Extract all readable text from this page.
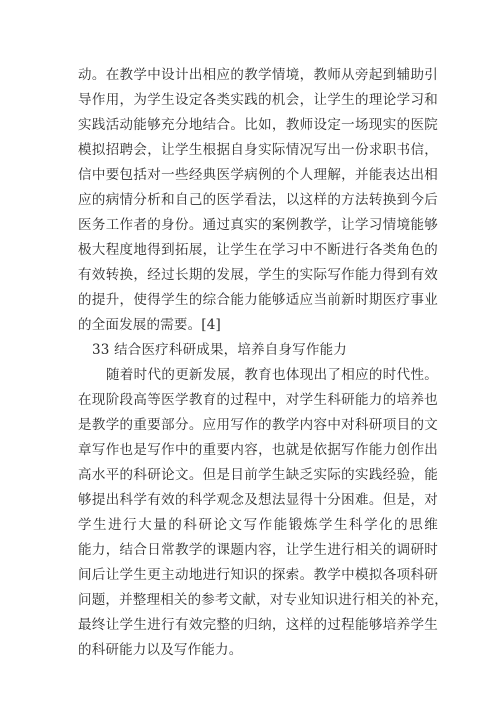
动。在教学中设计出相应的教学情境，教师从旁起到辅助引
导作用，为学生设定各类实践的机会，让学生的理论学习和
实践活动能够充分地结合。比如，教师设定一场现实的医院
模拟招聘会，让学生根据自身实际情况写出一份求职书信，
信中要包括对一些经典医学病例的个人理解，并能表达出相
应的病情分析和自己的医学看法，以这样的方法转换到今后
医务工作者的身份。通过真实的案例教学，让学习情境能够
极大程度地得到拓展，让学生在学习中不断进行各类角色的
有效转换，经过长期的发展，学生的实际写作能力得到有效
的提升，使得学生的综合能力能够适应当前新时期医疗事业
的全面发展的需要。[4]
33 结合医疗科研成果，培养自身写作能力
随着时代的更新发展，教育也体现出了相应的时代性。
在现阶段高等医学教育的过程中，对学生科研能力的培养也
是教学的重要部分。应用写作的教学内容中对科研项目的文
章写作也是写作中的重要内容，也就是依据写作能力创作出
高水平的科研论文。但是目前学生缺乏实际的实践经验，能
够提出科学有效的科学观念及想法显得十分困难。但是，对
学生进行大量的科研论文写作能锻炼学生科学化的思维
能力，结合日常教学的课题内容，让学生进行相关的调研时
间后让学生更主动地进行知识的探索。教学中模拟各项科研
问题，并整理相关的参考文献，对专业知识进行相关的补充，
最终让学生进行有效完整的归纳，这样的过程能够培养学生
的科研能力以及写作能力。
